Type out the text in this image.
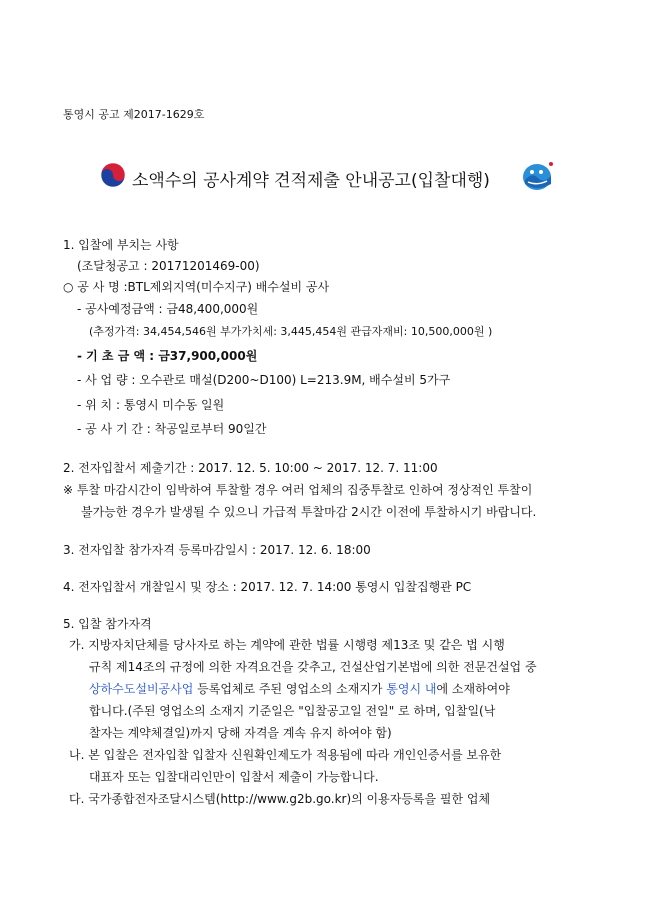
통영시 공고 제2017-1629호
소액수의 공사계약 견적제출 안내공고(입찰대행)
1. 입찰에 부치는 사항
(조달청공고 : 20171201469-00)
○ 공 사 명 :BTL제외지역(미수지구) 배수설비 공사
- 공사예정금액 : 금48,400,000원
(추정가격: 34,454,546원 부가가치세: 3,445,454원 관급자재비: 10,500,000원 )
- 기 초 금 액 : 금37,900,000원
- 사 업 량 : 오수관로 매설(D200~D100) L=213.9M, 배수설비 5가구
- 위 치 : 통영시 미수동 일원
- 공 사 기 간 : 착공일로부터 90일간
2. 전자입찰서 제출기간 : 2017. 12. 5. 10:00 ~ 2017. 12. 7. 11:00
※ 투찰 마감시간이 임박하여 투찰할 경우 여러 업체의 집중투찰로 인하여 정상적인 투찰이
불가능한 경우가 발생될 수 있으니 가급적 투찰마감 2시간 이전에 투찰하시기 바랍니다.
3. 전자입찰 참가자격 등록마감일시 : 2017. 12. 6. 18:00
4. 전자입찰서 개찰일시 및 장소 : 2017. 12. 7. 14:00 통영시 입찰집행관 PC
5. 입찰 참가자격
가. 지방자치단체를 당사자로 하는 계약에 관한 법률 시행령 제13조 및 같은 법 시행
규칙 제14조의 규정에 의한 자격요건을 갖추고, 건설산업기본법에 의한 전문건설업 중
상하수도설비공사업 등록업체로 주된 영업소의 소재지가 통영시 내에 소재하여야
합니다.(주된 영업소의 소재지 기준일은 "입찰공고일 전일" 로 하며, 입찰일(낙
찰자는 계약체결일)까지 당해 자격을 계속 유지 하여야 함)
나. 본 입찰은 전자입찰 입찰자 신원확인제도가 적용됨에 따라 개인인증서를 보유한
대표자 또는 입찰대리인만이 입찰서 제출이 가능합니다.
다. 국가종합전자조달시스템(http://www.g2b.go.kr)의 이용자등록을 필한 업체
